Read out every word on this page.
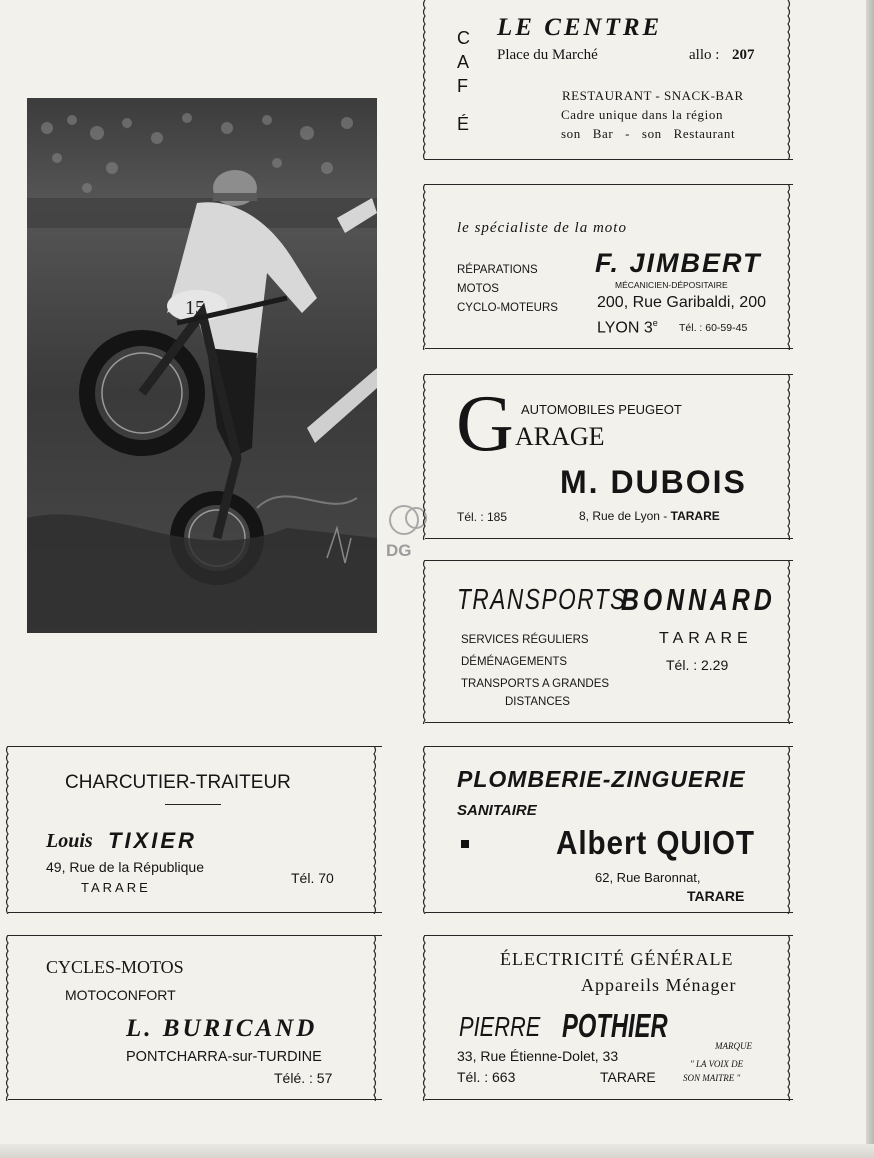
15
DG
C
A
F
É
LE CENTRE
Place du Marché	allo : 207
RESTAURANT - SNACK-BAR
Cadre unique dans la région
son Bar - son Restaurant
le spécialiste de la moto
RÉPARATIONS
MOTOS
CYCLO-MOTEURS
F. JIMBERT
MÉCANICIEN-DÉPOSITAIRE
200, Rue Garibaldi, 200
LYON 3e Tél. : 60-59-45
G AUTOMOBILES PEUGEOT
ARAGE
M. DUBOIS
Tél. : 185	8, Rue de Lyon - TARARE
TRANSPORTS
BONNARD
SERVICES RÉGULIERS
DÉMÉNAGEMENTS
TRANSPORTS A GRANDES
DISTANCES
TARARE
Tél. : 2.29
CHARCUTIER-TRAITEUR
Louis TIXIER
49, Rue de la République
TARARE
Tél. 70
PLOMBERIE-ZINGUERIE
SANITAIRE
Albert QUIOT
62, Rue Baronnat,
TARARE
CYCLES-MOTOS
MOTOCONFORT
L. BURICAND
PONTCHARRA-sur-TURDINE
Télé. : 57
ÉLECTRICITÉ GÉNÉRALE
Appareils Ménager
PIERRE POTHIER
33, Rue Étienne-Dolet, 33
Tél. : 663	TARARE
MARQUE
" LA VOIX DE
SON MAITRE "
